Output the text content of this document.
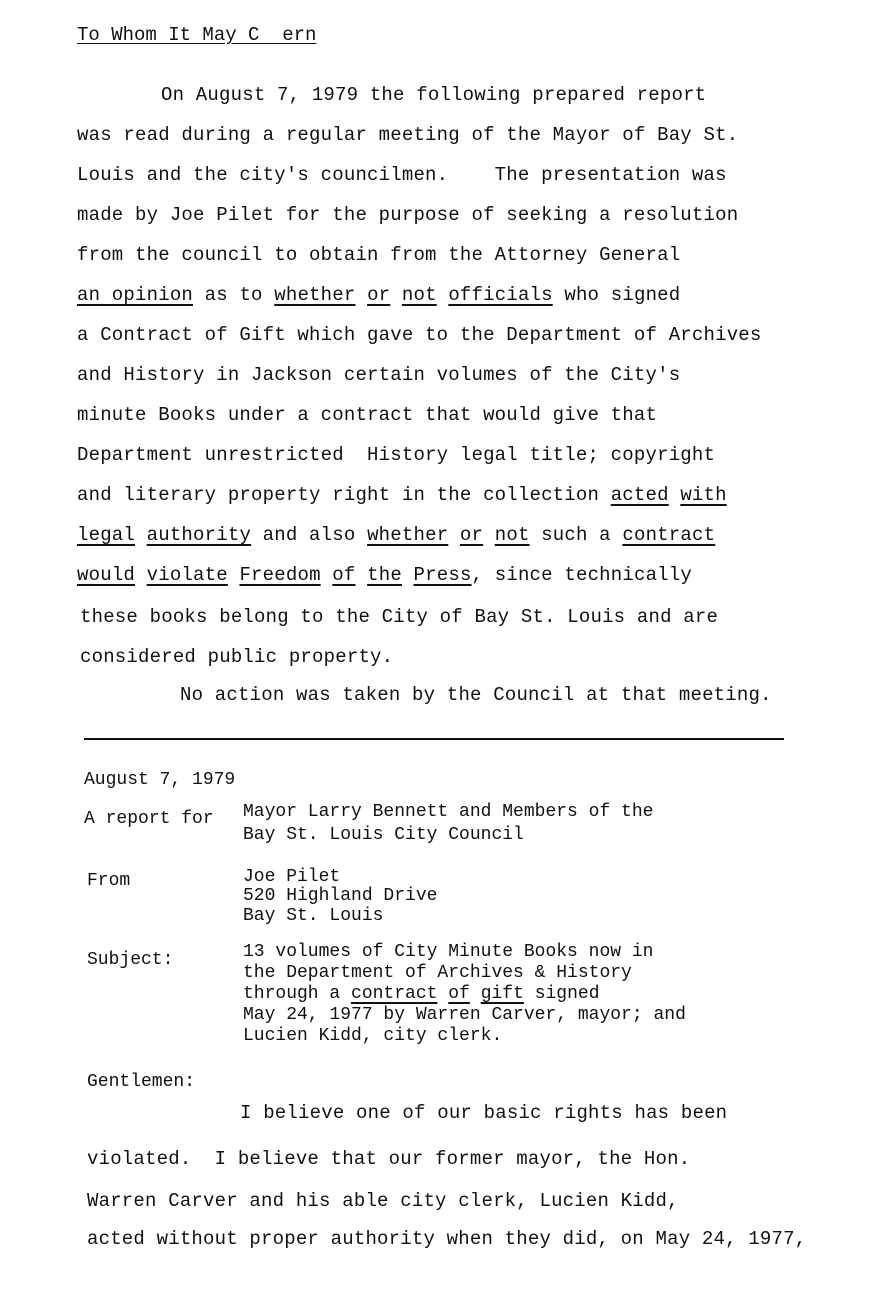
To Whom It May C  ern
On August 7, 1979 the following prepared report
was read during a regular meeting of the Mayor of Bay St.
Louis and the city's councilmen.    The presentation was
made by Joe Pilet for the purpose of seeking a resolution
from the council to obtain from the Attorney General
an opinion as to whether or not officials who signed
a Contract of Gift which gave to the Department of Archives
and History in Jackson certain volumes of the City's
minute Books under a contract that would give that
Department unrestricted  History legal title; copyright
and literary property right in the collection acted with
legal authority and also whether or not such a contract
would violate Freedom of the Press, since technically
these books belong to the City of Bay St. Louis and are
considered public property.
No action was taken by the Council at that meeting.
August 7, 1979
A report for Mayor Larry Bennett and Members of the
Bay St. Louis City Council
From	Joe Pilet
520 Highland Drive
Bay St. Louis
Subject:	13 volumes of City Minute Books now in
the Department of Archives & History
through a contract of gift signed
May 24, 1977 by Warren Carver, mayor; and
Lucien Kidd, city clerk.
Gentlemen:
I believe one of our basic rights has been
violated.  I believe that our former mayor, the Hon.
Warren Carver and his able city clerk, Lucien Kidd,
acted without proper authority when they did, on May 24, 1977,
